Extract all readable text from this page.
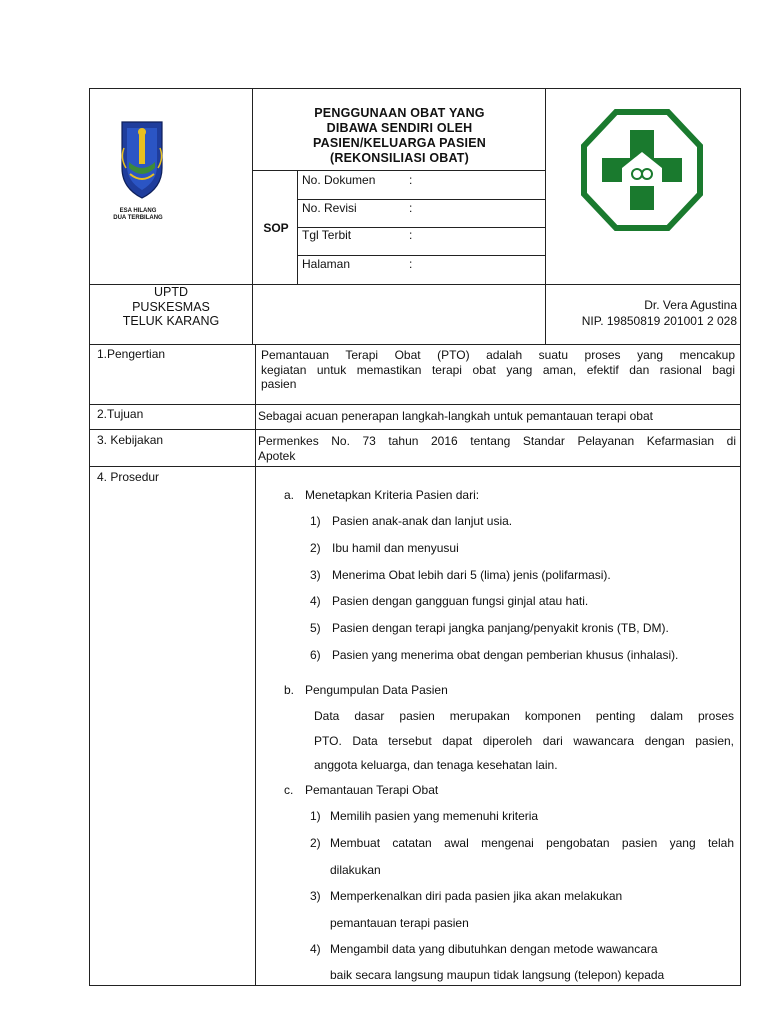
ESA HILANG
DUA TERBILANG
PENGGUNAAN OBAT YANG
DIBAWA SENDIRI OLEH
PASIEN/KELUARGA PASIEN
(REKONSILIASI OBAT)
SOP
No. Dokumen	:
No. Revisi	:
Tgl Terbit	:
Halaman	:
UPTD
PUSKESMAS
TELUK KARANG
Dr. Vera Agustina
NIP. 19850819 201001 2 028
1.Pengertian	Pemantauan Terapi Obat (PTO) adalah suatu proses yang mencakup
kegiatan untuk memastikan terapi obat yang aman, efektif dan rasional bagi
pasien
2.Tujuan	Sebagai acuan penerapan langkah-langkah untuk pemantauan terapi obat
3. Kebijakan	Permenkes No. 73 tahun 2016 tentang Standar Pelayanan Kefarmasian di
Apotek
4. Prosedur
a. Menetapkan Kriteria Pasien dari:
1) Pasien anak-anak dan lanjut usia.
2) Ibu hamil dan menyusui
3) Menerima Obat lebih dari 5 (lima) jenis (polifarmasi).
4) Pasien dengan gangguan fungsi ginjal atau hati.
5) Pasien dengan terapi jangka panjang/penyakit kronis (TB, DM).
6) Pasien yang menerima obat dengan pemberian khusus (inhalasi).
b. Pengumpulan Data Pasien
Data dasar pasien merupakan komponen penting dalam proses
PTO. Data tersebut dapat diperoleh dari wawancara dengan pasien,
anggota keluarga, dan tenaga kesehatan lain.
c. Pemantauan Terapi Obat
1) Memilih pasien yang memenuhi kriteria
2) Membuat catatan awal mengenai pengobatan pasien yang telah
dilakukan
3) Memperkenalkan diri pada pasien jika akan melakukan
pemantauan terapi pasien
4) Mengambil data yang dibutuhkan dengan metode wawancara
baik secara langsung maupun tidak langsung (telepon) kepada
